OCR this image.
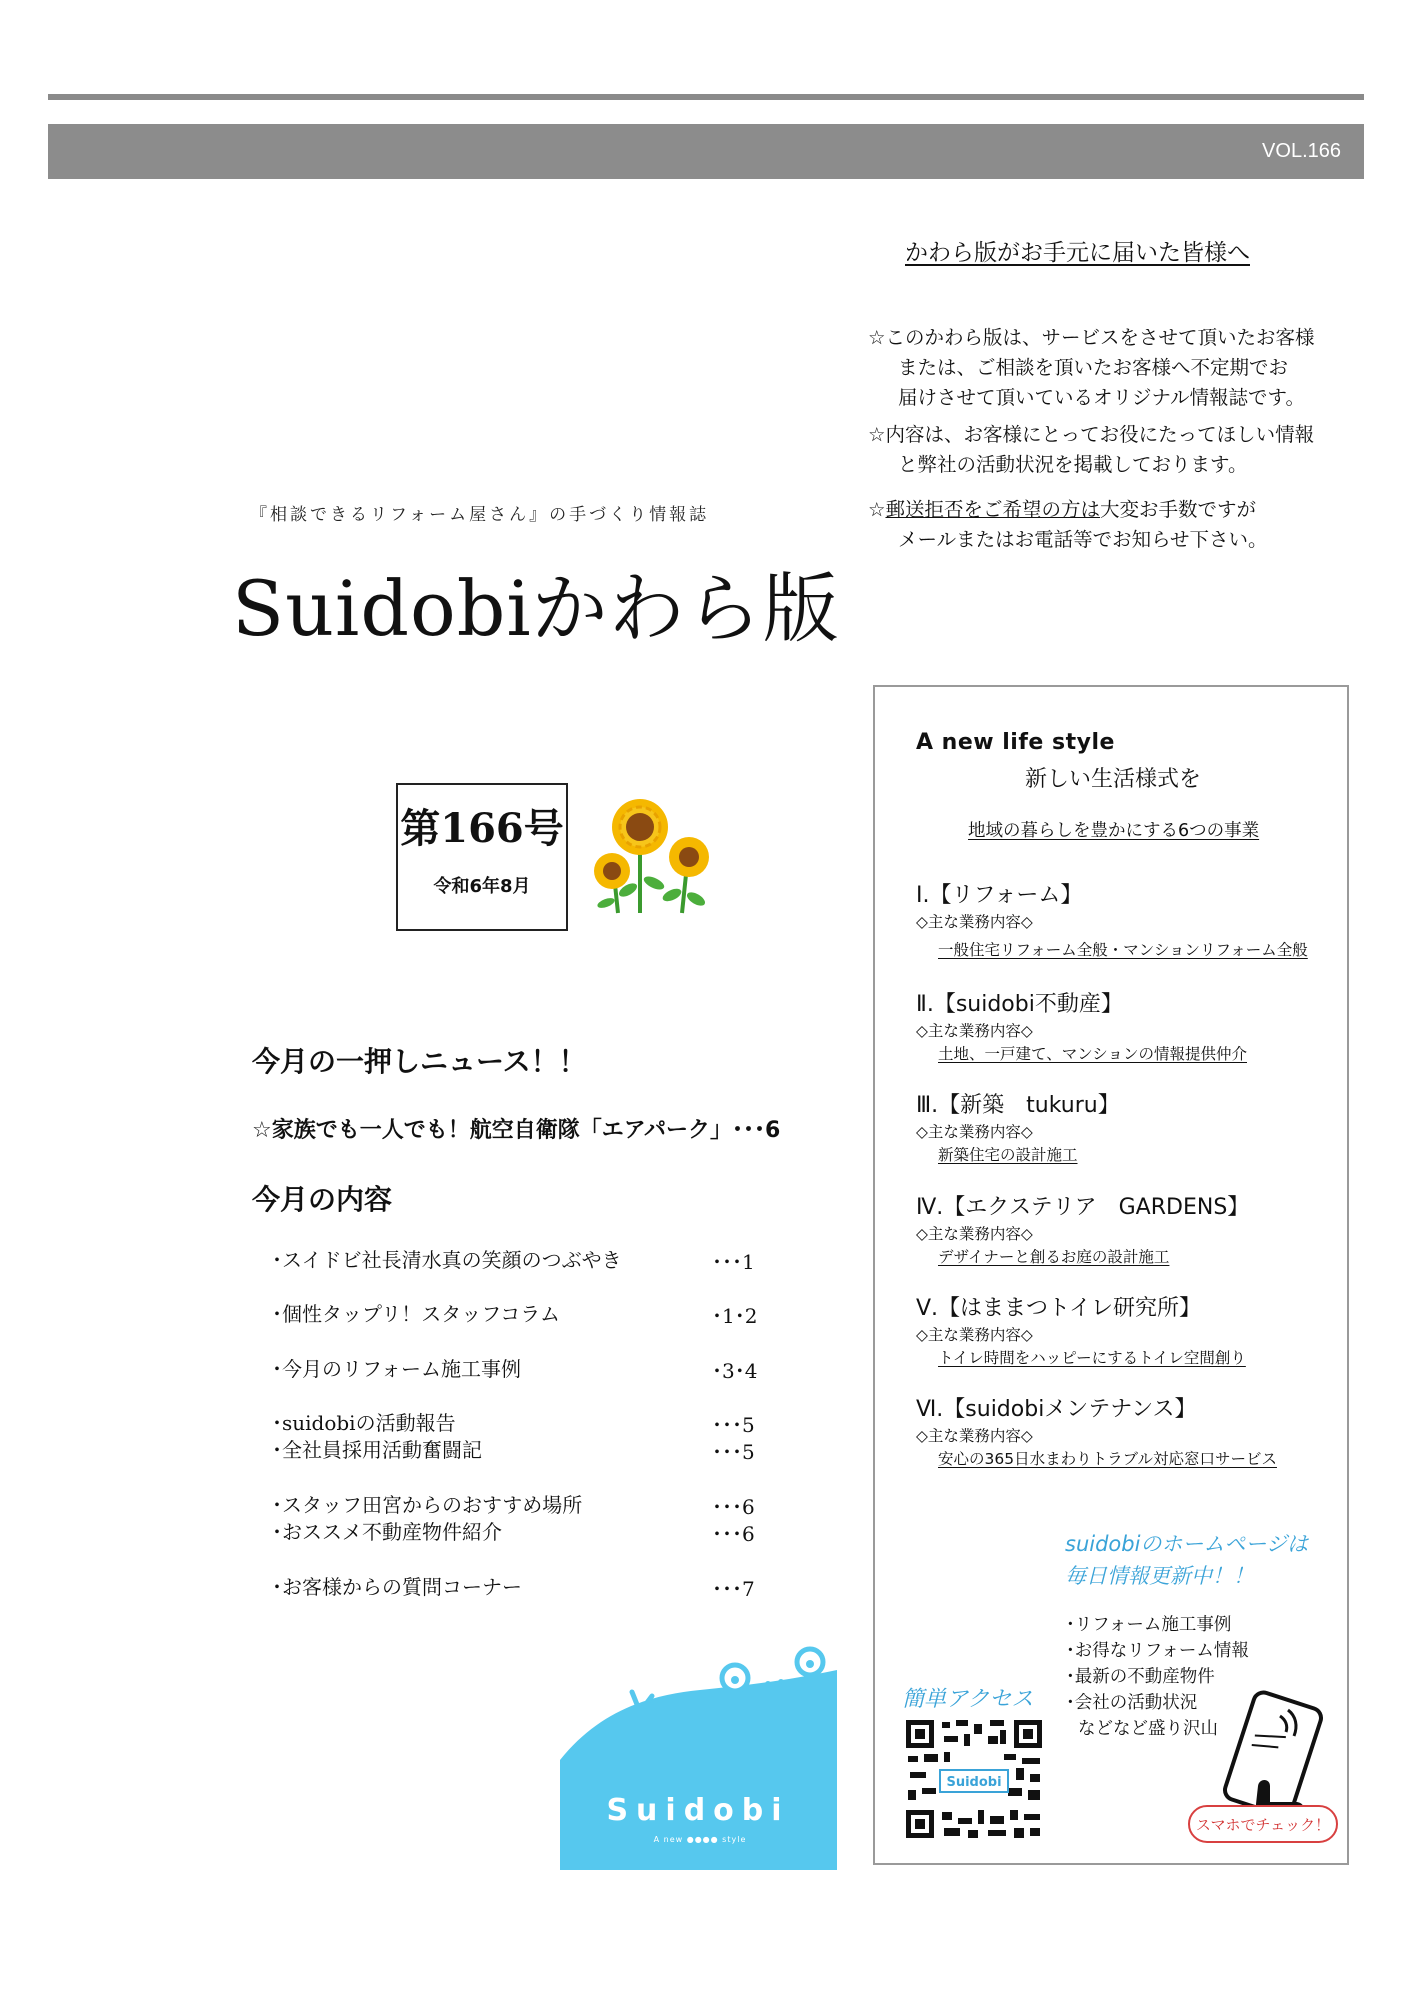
VOL.166
かわら版がお手元に届いた皆様へ
☆このかわら版は、サービスをさせて頂いたお客様
または、ご相談を頂いたお客様へ不定期でお
届けさせて頂いているオリジナル情報誌です。
☆内容は、お客様にとってお役にたってほしい情報
と弊社の活動状況を掲載しております。
☆郵送拒否をご希望の方は大変お手数ですが
メールまたはお電話等でお知らせ下さい。
『相談できるリフォーム屋さん』の手づくり情報誌
Suidobiかわら版
第166号
令和6年8月
今月の一押しニュース！！
☆家族でも一人でも！航空自衛隊「エアパーク」･･･6
今月の内容
･スイドビ社長清水真の笑顔のつぶやき	･･･1
･個性タップリ！スタッフコラム	･1･2
･今月のリフォーム施工事例	･3･4
･suidobiの活動報告	･･･5
･全社員採用活動奮闘記	･･･5
･スタッフ田宮からのおすすめ場所	･･･6
･おススメ不動産物件紹介	･･･6
･お客様からの質問コーナー	･･･7
Suidobi
A new ●●●● style
A new life style
新しい生活様式を
地域の暮らしを豊かにする6つの事業
Ⅰ.【リフォーム】
◇主な業務内容◇
一般住宅リフォーム全般・マンションリフォーム全般
Ⅱ.【suidobi不動産】
◇主な業務内容◇
土地、一戸建て、マンションの情報提供仲介
Ⅲ.【新築　tukuru】
◇主な業務内容◇
新築住宅の設計施工
Ⅳ.【エクステリア　GARDENS】
◇主な業務内容◇
デザイナーと創るお庭の設計施工
Ⅴ.【はままつトイレ研究所】
◇主な業務内容◇
トイレ時間をハッピーにするトイレ空間創り
Ⅵ.【suidobiメンテナンス】
◇主な業務内容◇
安心の365日水まわりトラブル対応窓口サービス
suidobiのホームページは
毎日情報更新中！！
･リフォーム施工事例
･お得なリフォーム情報
･最新の不動産物件
･会社の活動状況
などなど盛り沢山
簡単アクセス
Suidobi
スマホでチェック！
